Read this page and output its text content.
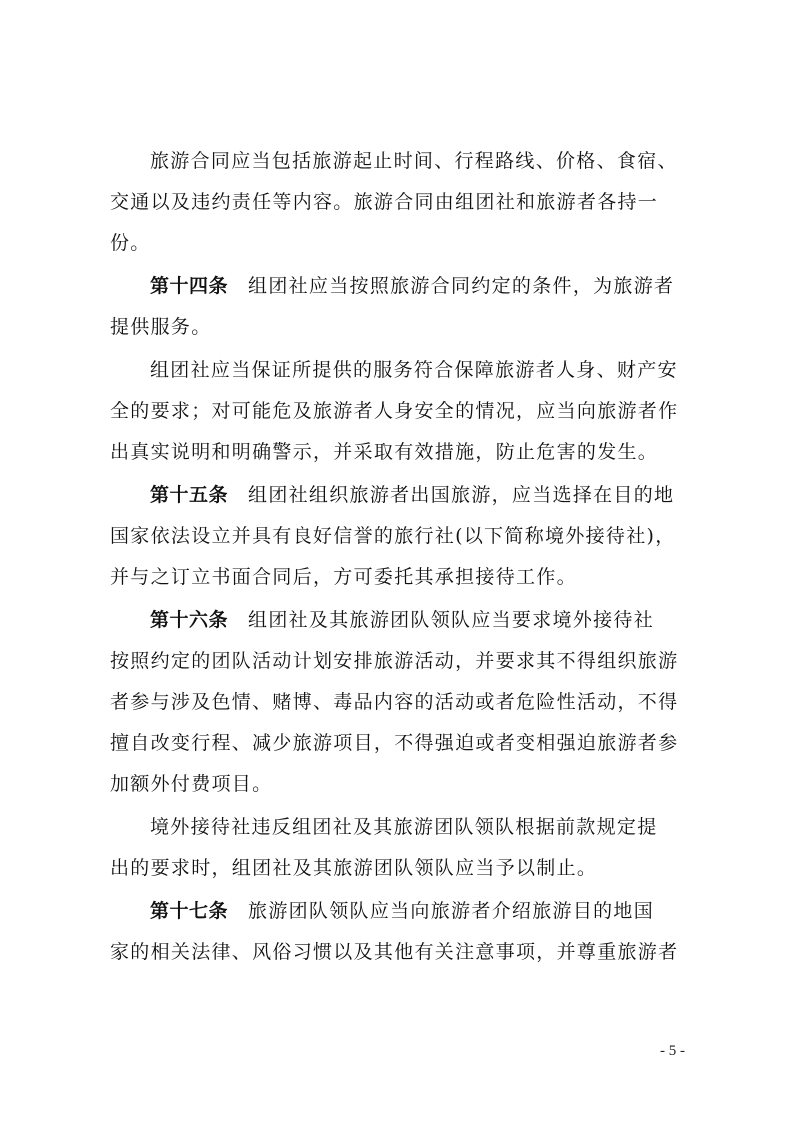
旅游合同应当包括旅游起止时间、行程路线、价格、食宿、
交通以及违约责任等内容。旅游合同由组团社和旅游者各持一
份。
第十四条 组团社应当按照旅游合同约定的条件，为旅游者
提供服务。
组团社应当保证所提供的服务符合保障旅游者人身、财产安
全的要求；对可能危及旅游者人身安全的情况，应当向旅游者作
出真实说明和明确警示，并采取有效措施，防止危害的发生。
第十五条 组团社组织旅游者出国旅游，应当选择在目的地
国家依法设立并具有良好信誉的旅行社(以下简称境外接待社)，
并与之订立书面合同后，方可委托其承担接待工作。
第十六条 组团社及其旅游团队领队应当要求境外接待社
按照约定的团队活动计划安排旅游活动，并要求其不得组织旅游
者参与涉及色情、赌博、毒品内容的活动或者危险性活动，不得
擅自改变行程、减少旅游项目，不得强迫或者变相强迫旅游者参
加额外付费项目。
境外接待社违反组团社及其旅游团队领队根据前款规定提
出的要求时，组团社及其旅游团队领队应当予以制止。
第十七条 旅游团队领队应当向旅游者介绍旅游目的地国
家的相关法律、风俗习惯以及其他有关注意事项，并尊重旅游者
- 5 -
